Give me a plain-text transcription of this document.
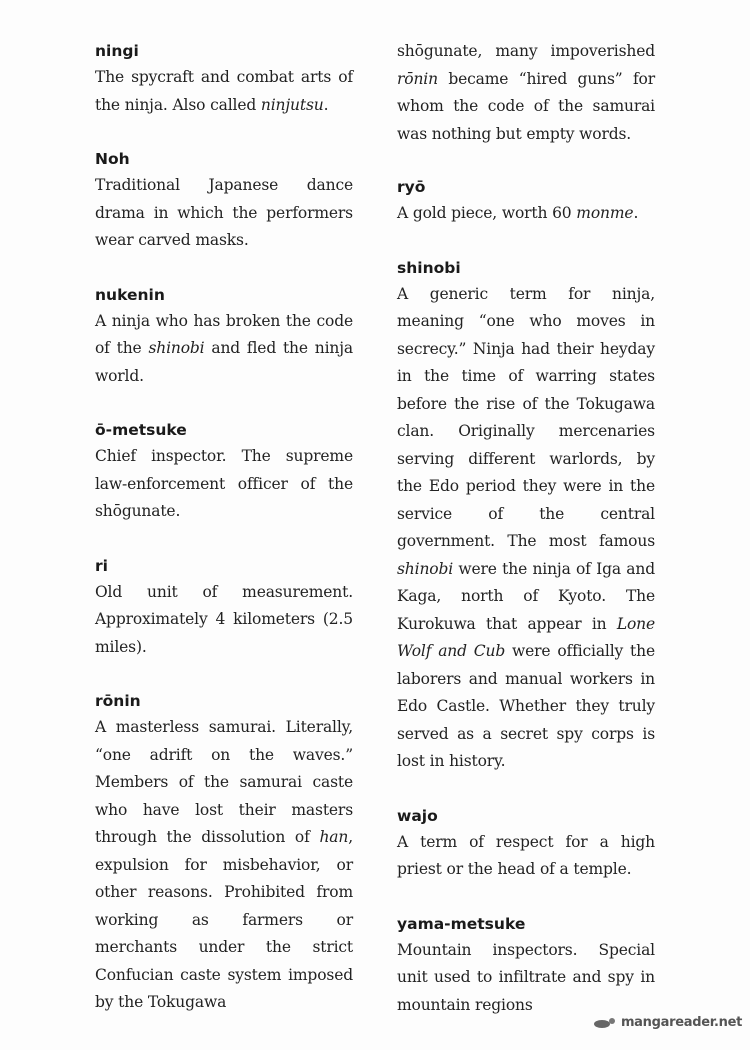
ningi

The spycraft and combat arts of the ninja. Also called ninjutsu.

Noh

Traditional Japanese dance drama in which the performers wear carved masks.

nukenin

A ninja who has broken the code of the shinobi and fled the ninja world.

ō-metsuke

Chief inspector. The supreme law-enforcement officer of the shōgunate.

ri

Old unit of measurement. Approximately 4 kilometers (2.5 miles).

rōnin

A masterless samurai. Literally, “one adrift on the waves.” Members of the samurai caste who have lost their masters through the dissolution of han, expulsion for misbehavior, or other reasons. Prohibited from working as farmers or merchants under the strict Confucian caste system imposed by the Tokugawa

shōgunate, many impoverished rōnin became “hired guns” for whom the code of the samurai was nothing but empty words.

ryō

A gold piece, worth 60 monme.

shinobi

A generic term for ninja, meaning “one who moves in secrecy.” Ninja had their heyday in the time of warring states before the rise of the Tokugawa clan. Originally mercenaries serving different warlords, by the Edo period they were in the service of the central government. The most famous shinobi were the ninja of Iga and Kaga, north of Kyoto. The Kurokuwa that appear in Lone Wolf and Cub were officially the laborers and manual workers in Edo Castle. Whether they truly served as a secret spy corps is lost in history.

wajo

A term of respect for a high priest or the head of a temple.

yama-metsuke

Mountain inspectors. Special unit used to infiltrate and spy in mountain regions

mangareader.net
